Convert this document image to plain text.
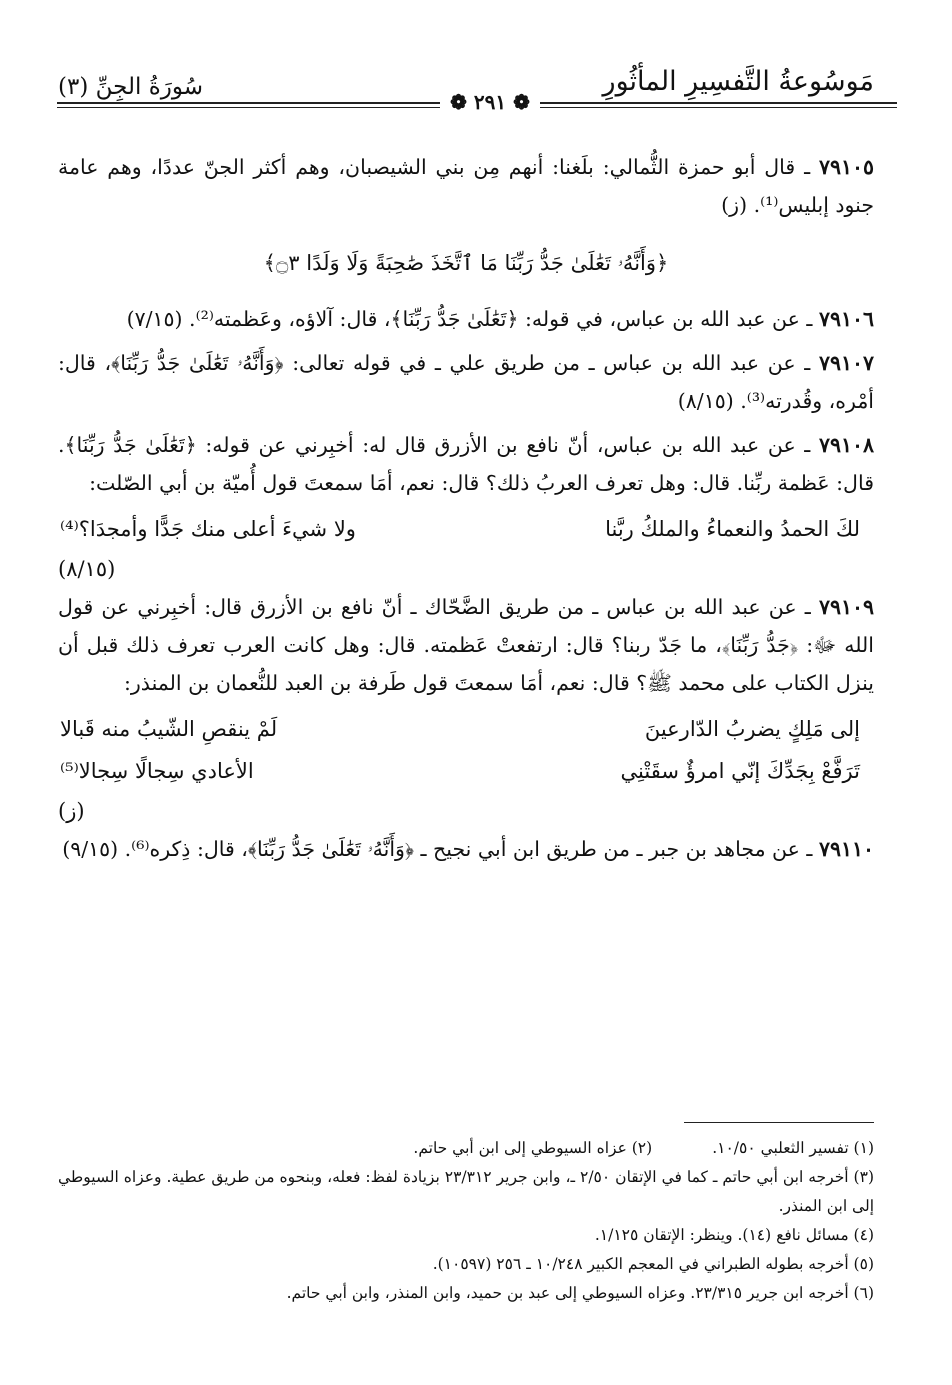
مَوسُوعةُ التَّفسِيرِ المأثُورِ
سُورَةُ الجِنِّ (٣)
❁ ٢٩١ ❁
٧٩١٠٥ ـ قال أبو حمزة الثُّمالي: بلَغنا: أنهم مِن بني الشيصبان، وهم أكثر الجنّ عددًا، وهم عامة جنود إبليس⁽¹⁾. (ز)
﴿وَأَنَّهُۥ تَعَٰلَىٰ جَدُّ رَبِّنَا مَا ٱتَّخَذَ صَٰحِبَةً وَلَا وَلَدًا ۝٣﴾
٧٩١٠٦ ـ عن عبد الله بن عباس، في قوله: ﴿تَعَٰلَىٰ جَدُّ رَبِّنَا﴾، قال: آلاؤه، وعَظمته⁽²⁾. (٧/١٥)
٧٩١٠٧ ـ عن عبد الله بن عباس ـ من طريق علي ـ في قوله تعالى: ﴿وَأَنَّهُۥ تَعَٰلَىٰ جَدُّ رَبِّنَا﴾، قال: أمْره، وقُدرته⁽³⁾. (٨/١٥)
٧٩١٠٨ ـ عن عبد الله بن عباس، أنّ نافع بن الأزرق قال له: أخبِرني عن قوله: ﴿تَعَٰلَىٰ جَدُّ رَبِّنَا﴾. قال: عَظمة ربِّنا. قال: وهل تعرف العربُ ذلك؟ قال: نعم، أمَا سمعتَ قول أُميّة بن أبي الصّلت:
لكَ الحمدُ والنعماءُ والملكُ ربَّنا
ولا شيءَ أعلى منك جَدًّا وأمجدَا؟⁽⁴⁾
(٨/١٥)
٧٩١٠٩ ـ عن عبد الله بن عباس ـ من طريق الضَّحّاك ـ أنّ نافع بن الأزرق قال: أخبِرني عن قول الله ﷻ: ﴿جَدُّ رَبِّنَا﴾، ما جَدّ ربنا؟ قال: ارتفعتْ عَظمته. قال: وهل كانت العرب تعرف ذلك قبل أن ينزل الكتاب على محمد ﷺ؟ قال: نعم، أمَا سمعتَ قول طَرفة بن العبد للنُّعمان بن المنذر:
إلى مَلِكٍ يضربُ الدّارعينَ
لَمْ ينقصِ الشّيبُ منه قَبالا
تَرَفَّعْ بِجَدِّكَ إنّي امرؤٌ سقَتْنِي
الأعادي سِجالًا سِجالا⁽⁵⁾
(ز)
٧٩١١٠ ـ عن مجاهد بن جبر ـ من طريق ابن أبي نجيح ـ ﴿وَأَنَّهُۥ تَعَٰلَىٰ جَدُّ رَبِّنَا﴾، قال: ذِكره⁽⁶⁾. (٩/١٥)
(١) تفسير الثعلبي ١٠/٥٠.
(٢) عزاه السيوطي إلى ابن أبي حاتم.
(٣) أخرجه ابن أبي حاتم ـ كما في الإتقان ٢/٥٠ ـ، وابن جرير ٢٣/٣١٢ بزيادة لفظ: فعله، وبنحوه من طريق عطية. وعزاه السيوطي إلى ابن المنذر.
(٤) مسائل نافع (١٤). وينظر: الإتقان ١/١٢٥.
(٥) أخرجه بطوله الطبراني في المعجم الكبير ١٠/٢٤٨ ـ ٢٥٦ (١٠٥٩٧).
(٦) أخرجه ابن جرير ٢٣/٣١٥. وعزاه السيوطي إلى عبد بن حميد، وابن المنذر، وابن أبي حاتم.
